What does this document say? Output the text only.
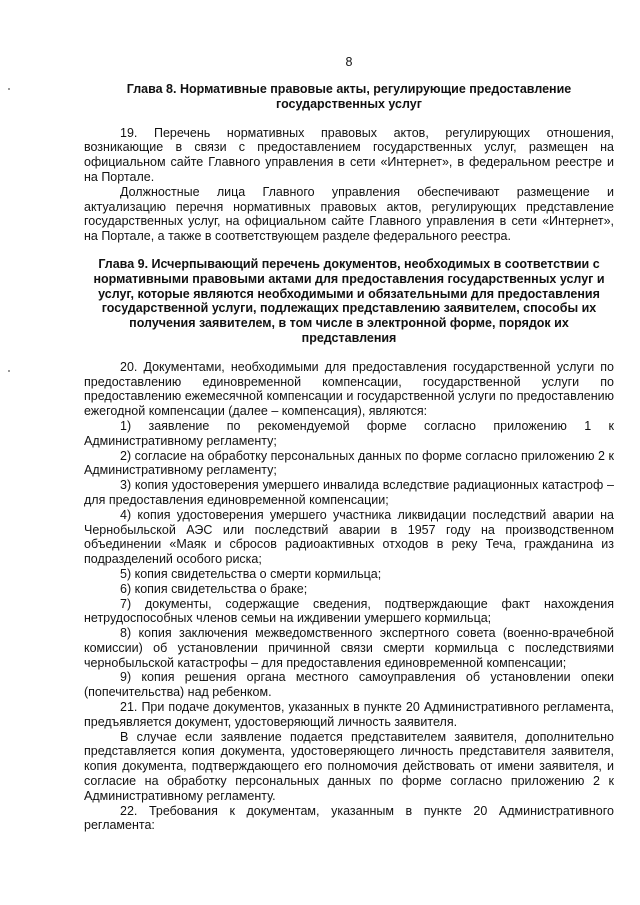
8
Глава 8. Нормативные правовые акты, регулирующие предоставление государственных услуг

19. Перечень нормативных правовых актов, регулирующих отношения, возникающие в связи с предоставлением государственных услуг, размещен на официальном сайте Главного управления в сети «Интернет», в федеральном реестре и на Портале.

Должностные лица Главного управления обеспечивают размещение и актуализацию перечня нормативных правовых актов, регулирующих представление государственных услуг, на официальном сайте Главного управления в сети «Интернет», на Портале, а также в соответствующем разделе федерального реестра.

Глава 9. Исчерпывающий перечень документов, необходимых в соответствии с нормативными правовыми актами для предоставления государственных услуг и услуг, которые являются необходимыми и обязательными для предоставления государственной услуги, подлежащих представлению заявителем, способы их получения заявителем, в том числе в электронной форме, порядок их представления

20. Документами, необходимыми для предоставления государственной услуги по предоставлению единовременной компенсации, государственной услуги по предоставлению ежемесячной компенсации и государственной услуги по предоставлению ежегодной компенсации (далее – компенсация), являются:

1) заявление по рекомендуемой форме согласно приложению 1 к Административному регламенту;

2) согласие на обработку персональных данных по форме согласно приложению 2 к Административному регламенту;

3) копия удостоверения умершего инвалида вследствие радиационных катастроф – для предоставления единовременной компенсации;

4) копия удостоверения умершего участника ликвидации последствий аварии на Чернобыльской АЭС или последствий аварии в 1957 году на производственном объединении «Маяк и сбросов радиоактивных отходов в реку Теча, гражданина из подразделений особого риска;

5) копия свидетельства о смерти кормильца;

6) копия свидетельства о браке;

7) документы, содержащие сведения, подтверждающие факт нахождения нетрудоспособных членов семьи на иждивении умершего кормильца;

8) копия заключения межведомственного экспертного совета (военно-врачебной комиссии) об установлении причинной связи смерти кормильца с последствиями чернобыльской катастрофы – для предоставления единовременной компенсации;

9) копия решения органа местного самоуправления об установлении опеки (попечительства) над ребенком.

21. При подаче документов, указанных в пункте 20 Административного регламента, предъявляется документ, удостоверяющий личность заявителя.

В случае если заявление подается представителем заявителя, дополнительно представляется копия документа, удостоверяющего личность представителя заявителя, копия документа, подтверждающего его полномочия действовать от имени заявителя, и согласие на обработку персональных данных по форме согласно приложению 2 к Административному регламенту.

22. Требования к документам, указанным в пункте 20 Административного регламента:
